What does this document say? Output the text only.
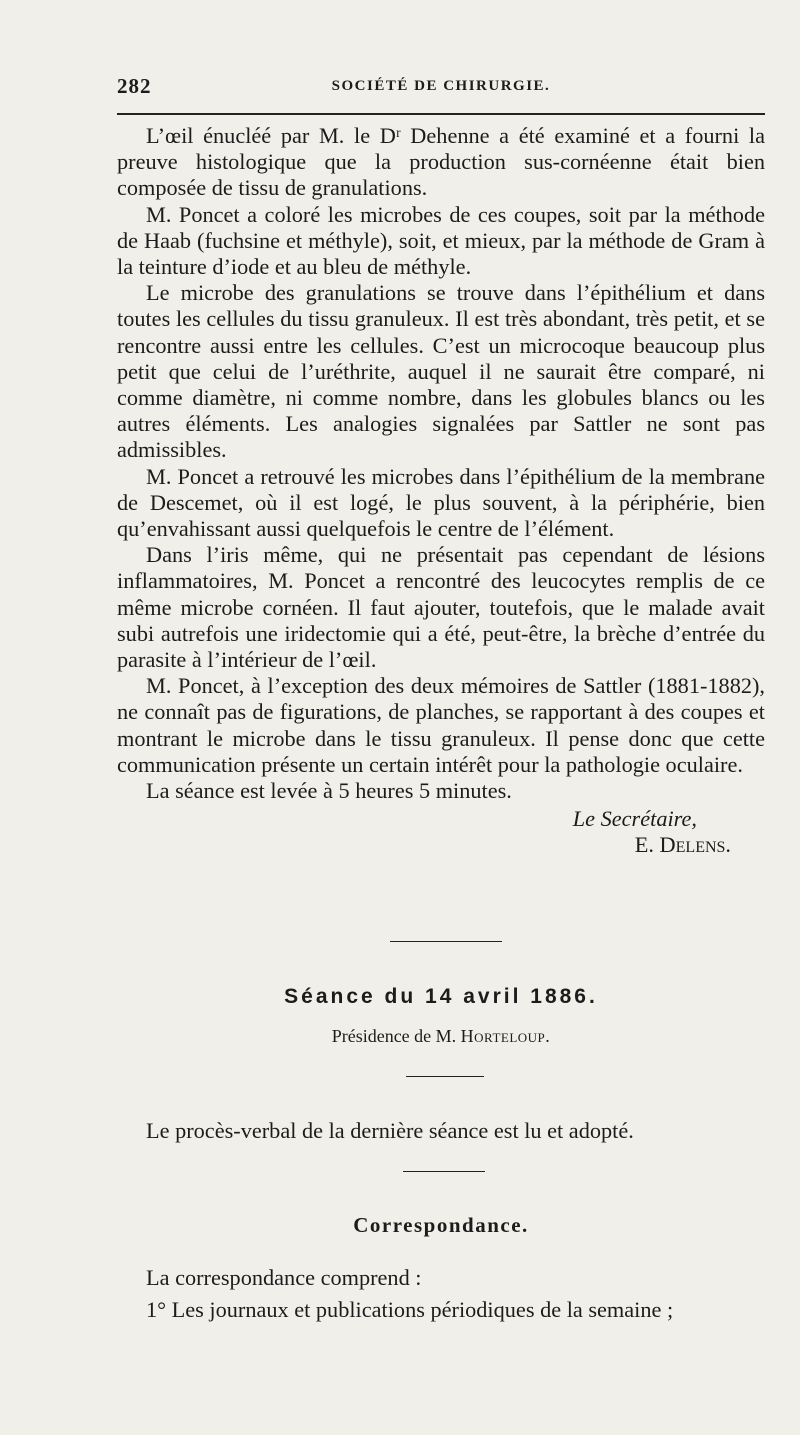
282	SOCIÉTÉ DE CHIRURGIE.

L’œil énucléé par M. le Dʳ Dehenne a été examiné et a fourni la preuve histologique que la production sus-cornéenne était bien composée de tissu de granulations.

M. Poncet a coloré les microbes de ces coupes, soit par la méthode de Haab (fuchsine et méthyle), soit, et mieux, par la méthode de Gram à la teinture d’iode et au bleu de méthyle.

Le microbe des granulations se trouve dans l’épithélium et dans toutes les cellules du tissu granuleux. Il est très abondant, très petit, et se rencontre aussi entre les cellules. C’est un microcoque beaucoup plus petit que celui de l’uréthrite, auquel il ne saurait être comparé, ni comme diamètre, ni comme nombre, dans les globules blancs ou les autres éléments. Les analogies signalées par Sattler ne sont pas admissibles.

M. Poncet a retrouvé les microbes dans l’épithélium de la membrane de Descemet, où il est logé, le plus souvent, à la périphérie, bien qu’envahissant aussi quelquefois le centre de l’élément.

Dans l’iris même, qui ne présentait pas cependant de lésions inflammatoires, M. Poncet a rencontré des leucocytes remplis de ce même microbe cornéen. Il faut ajouter, toutefois, que le malade avait subi autrefois une iridectomie qui a été, peut-être, la brèche d’entrée du parasite à l’intérieur de l’œil.

M. Poncet, à l’exception des deux mémoires de Sattler (1881-1882), ne connaît pas de figurations, de planches, se rapportant à des coupes et montrant le microbe dans le tissu granuleux. Il pense donc que cette communication présente un certain intérêt pour la pathologie oculaire.

La séance est levée à 5 heures 5 minutes.

Le Secrétaire,
E. Delens.
Séance du 14 avril 1886.
Présidence de M. Horteloup.
Le procès-verbal de la dernière séance est lu et adopté.
Correspondance.

La correspondance comprend :

1° Les journaux et publications périodiques de la semaine ;
